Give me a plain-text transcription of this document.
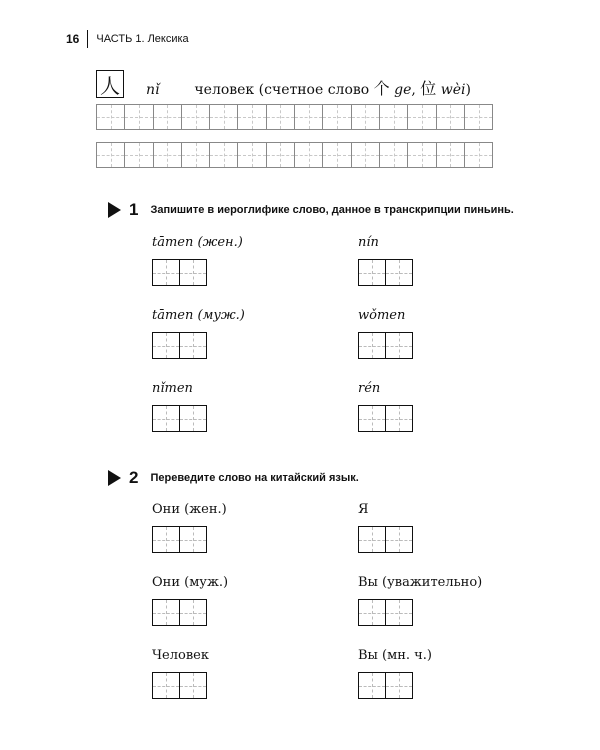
16 ЧАСТЬ 1. Лексика
人 nǐ человек (счетное слово 个 ge, 位 wèi)
1 Запишите в иероглифике слово, данное в транскрипции пиньинь.
tāmen (жен.)	nín
tāmen (муж.)	wǒmen
nǐmen	rén
2 Переведите слово на китайский язык.
Они (жен.)	Я
Они (муж.)	Вы (уважительно)
Человек	Вы (мн. ч.)
